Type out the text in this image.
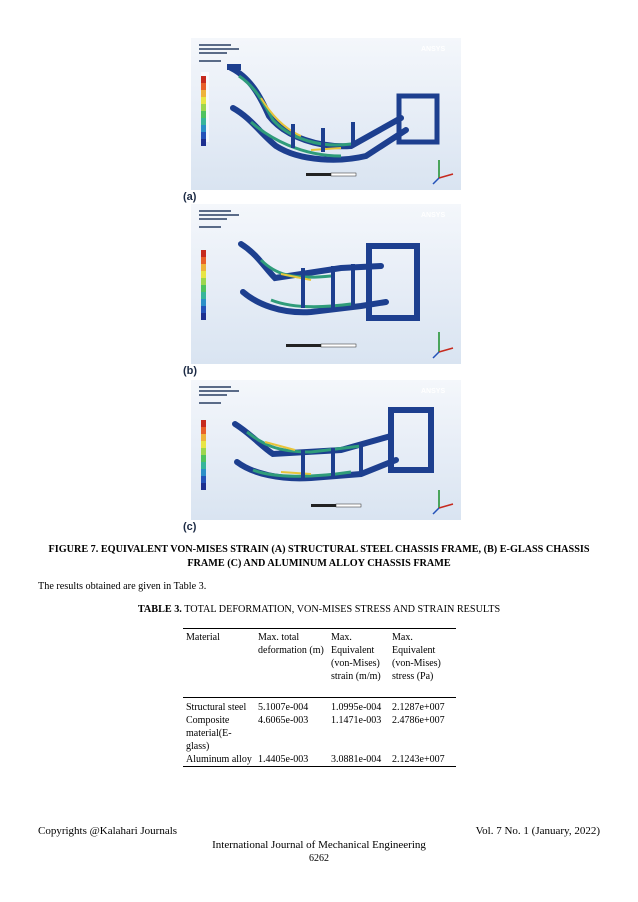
ANSYS
(a)
ANSYS
(b)
ANSYS
(c)
FIGURE 7. EQUIVALENT VON-MISES STRAIN (A) STRUCTURAL STEEL CHASSIS FRAME, (B) E-GLASS CHASSIS FRAME (C) AND ALUMINUM ALLOY CHASSIS FRAME
The results obtained are given in Table 3.
TABLE 3. TOTAL DEFORMATION, VON-MISES STRESS AND STRAIN RESULTS
Material	Max. total deformation (m)	Max. Equivalent (von-Mises) strain (m/m)	Max. Equivalent (von-Mises) stress (Pa)
Structural steel	5.1007e-004	1.0995e-004	2.1287e+007
Composite material(E-glass)	4.6065e-003	1.1471e-003	2.4786e+007
Aluminum alloy	1.4405e-003	3.0881e-004	2.1243e+007
Copyrights @Kalahari Journals	Vol. 7 No. 1 (January, 2022)
International Journal of Mechanical Engineering
6262
